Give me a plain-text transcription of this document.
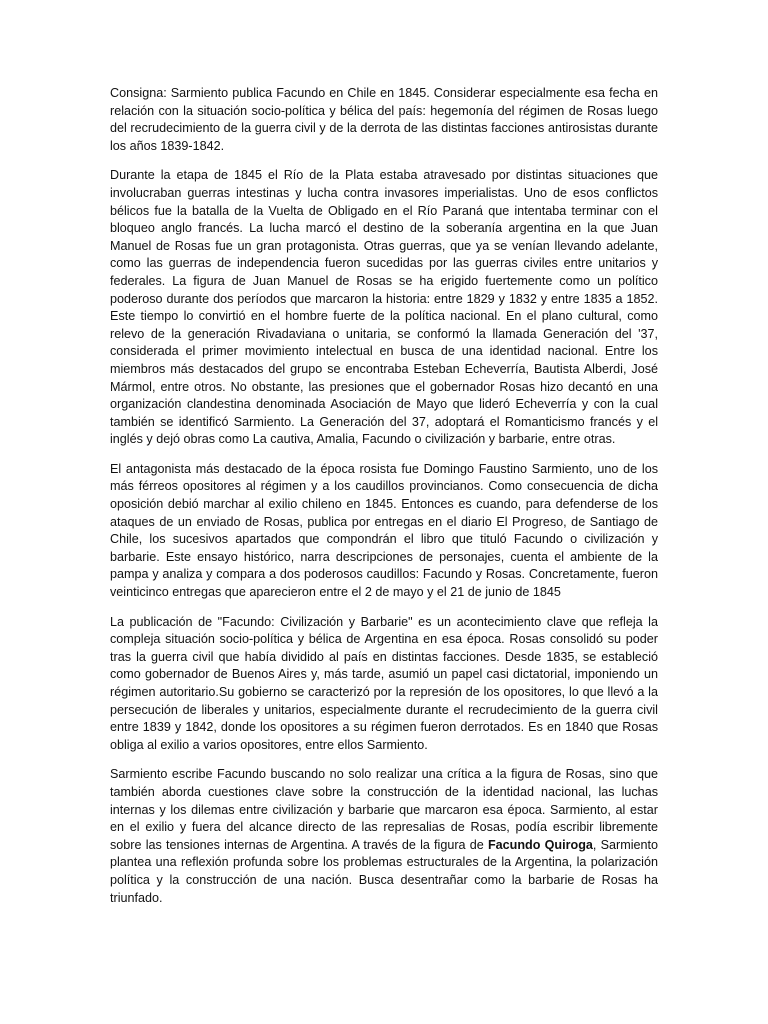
Consigna: Sarmiento publica Facundo en Chile en 1845. Considerar especialmente esa fecha en relación con la situación socio-política y bélica del país: hegemonía del régimen de Rosas luego del recrudecimiento de la guerra civil y de la derrota de las distintas facciones antirosistas durante los años 1839-1842.

Durante la etapa de 1845 el Río de la Plata estaba atravesado por distintas situaciones que involucraban guerras intestinas y lucha contra invasores imperialistas. Uno de esos conflictos bélicos fue la batalla de la Vuelta de Obligado en el Río Paraná que intentaba terminar con el bloqueo anglo francés. La lucha marcó el destino de la soberanía argentina en la que Juan Manuel de Rosas fue un gran protagonista. Otras guerras, que ya se venían llevando adelante, como las guerras de independencia fueron sucedidas por las guerras civiles entre unitarios y federales. La figura de Juan Manuel de Rosas se ha erigido fuertemente como un político poderoso durante dos períodos que marcaron la historia: entre 1829 y 1832 y entre 1835 a 1852. Este tiempo lo convirtió en el hombre fuerte de la política nacional. En el plano cultural, como relevo de la generación Rivadaviana o unitaria, se conformó la llamada Generación del '37, considerada el primer movimiento intelectual en busca de una identidad nacional. Entre los miembros más destacados del grupo se encontraba Esteban Echeverría, Bautista Alberdi, José Mármol, entre otros. No obstante, las presiones que el gobernador Rosas hizo decantó en una organización clandestina denominada Asociación de Mayo que lideró Echeverría y con la cual también se identificó Sarmiento. La Generación del 37, adoptará el Romanticismo francés y el inglés y dejó obras como La cautiva, Amalia, Facundo o civilización y barbarie, entre otras.

El antagonista más destacado de la época rosista fue Domingo Faustino Sarmiento, uno de los más férreos opositores al régimen y a los caudillos provincianos. Como consecuencia de dicha oposición debió marchar al exilio chileno en 1845. Entonces es cuando, para defenderse de los ataques de un enviado de Rosas, publica por entregas en el diario El Progreso, de Santiago de Chile, los sucesivos apartados que compondrán el libro que tituló Facundo o civilización y barbarie. Este ensayo histórico, narra descripciones de personajes, cuenta el ambiente de la pampa y analiza y compara a dos poderosos caudillos: Facundo y Rosas. Concretamente, fueron veinticinco entregas que aparecieron entre el 2 de mayo y el 21 de junio de 1845

La publicación de "Facundo: Civilización y Barbarie" es un acontecimiento clave que refleja la compleja situación socio-política y bélica de Argentina en esa época. Rosas consolidó su poder tras la guerra civil que había dividido al país en distintas facciones. Desde 1835, se estableció como gobernador de Buenos Aires y, más tarde, asumió un papel casi dictatorial, imponiendo un régimen autoritario.Su gobierno se caracterizó por la represión de los opositores, lo que llevó a la persecución de liberales y unitarios, especialmente durante el recrudecimiento de la guerra civil entre 1839 y 1842, donde los opositores a su régimen fueron derrotados. Es en 1840 que Rosas obliga al exilio a varios opositores, entre ellos Sarmiento.

Sarmiento escribe Facundo buscando no solo realizar una crítica a la figura de Rosas, sino que también aborda cuestiones clave sobre la construcción de la identidad nacional, las luchas internas y los dilemas entre civilización y barbarie que marcaron esa época. Sarmiento, al estar en el exilio y fuera del alcance directo de las represalias de Rosas, podía escribir libremente sobre las tensiones internas de Argentina. A través de la figura de Facundo Quiroga, Sarmiento plantea una reflexión profunda sobre los problemas estructurales de la Argentina, la polarización política y la construcción de una nación. Busca desentrañar como la barbarie de Rosas ha triunfado.
